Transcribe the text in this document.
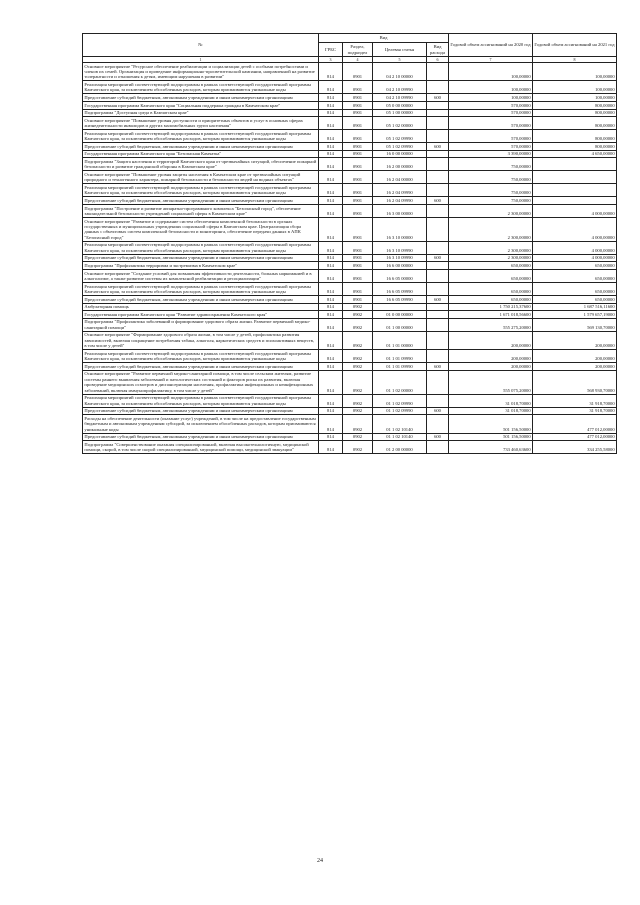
№	Вид				Годовой объем ассигнований на 2020 год	Годовой объем ассигнований на 2021 год
	ГРБС	Раздел, подраздел	Целевая статья	Вид расхода		
1	3	4	5	6	7	8
Основное мероприятие "Ресурсное обеспечение реабилитации и социализации детей с особыми потребностями и членов их семей. Организация и проведение информационно-просветительской кампании, направленной на развитие толерантности и отношения к детям, имеющим нарушения в развитии"	814	0901	04 2 10 00000		100,00000	100,00000
Реализация мероприятий соответствующей подпрограммы в рамках соответствующей государственной программы Камчатского края, за исключением обособленных расходов, которым присваиваются уникальные коды	814	0901	04 2 10 09990		100,00000	100,00000
Предоставление субсидий бюджетным, автономным учреждениям и иным некоммерческим организациям	814	0901	04 2 10 09990	600	100,00000	100,00000
Государственная программа Камчатского края "Социальная поддержка граждан в Камчатском крае"	814	0901	05 0 00 00000		570,00000	800,00000
Подпрограмма "Доступная среда в Камчатском крае"	814	0901	05 1 00 00000		570,00000	800,00000
Основное мероприятие "Повышение уровня доступности и приоритетных объектов и услуг в основных сферах жизнедеятельности инвалидов и других маломобильных групп населения"	814	0901	05 1 02 00000		570,00000	800,00000
Реализация мероприятий соответствующей подпрограммы в рамках соответствующей государственной программы Камчатского края, за исключением обособленных расходов, которым присваиваются уникальные коды	814	0901	05 1 02 09990		570,00000	800,00000
Предоставление субсидий бюджетным, автономным учреждениям и иным некоммерческим организациям	814	0901	05 1 02 09990	600	570,00000	800,00000
Государственная программа Камчатского края "Безопасная Камчатка"	814	0901	16 0 00 00000		3 390,00000	4 650,00000
Подпрограмма "Защита населения и территорий Камчатского края от чрезвычайных ситуаций, обеспечение пожарной безопасности и развитие гражданской обороны в Камчатском крае"	814	0901	16 2 00 00000		750,00000	
Основное мероприятие "Повышение уровня защиты населения в Камчатском крае от чрезвычайных ситуаций природного и техногенного характера, пожарной безопасности и безопасности людей на водных объектах"	814	0901	16 2 04 00000		750,00000	
Реализация мероприятий соответствующей подпрограммы в рамках соответствующей государственной программы Камчатского края, за исключением обособленных расходов, которым присваиваются уникальные коды	814	0901	16 2 04 09990		750,00000	
Предоставление субсидий бюджетным, автономным учреждениям и иным некоммерческим организациям	814	0901	16 2 04 09990	600	750,00000	
Подпрограмма "Построение и развитие аппаратно-программного комплекса "Безопасный город", обеспечение законодательной безопасности учреждений социальной сферы в Камчатском крае"	814	0901	16 3 00 00000		2 300,00000	4 000,00000
Основное мероприятие "Развитие и содержание систем обеспечения комплексной безопасности в органах государственных и муниципальных учреждениях социальной сферы в Камчатском крае. Централизация сбора данных с объектовых систем комплексной безопасности и мониторинга, обеспечение передачи данных в АПК "Безопасный город"	814	0901	16 3 10 00000		2 300,00000	4 000,00000
Реализация мероприятий соответствующей подпрограммы в рамках соответствующей государственной программы Камчатского края, за исключением обособленных расходов, которым присваиваются уникальные коды	814	0901	16 3 10 09990		2 300,00000	4 000,00000
Предоставление субсидий бюджетным, автономным учреждениям и иным некоммерческим организациям	814	0901	16 3 10 09990	600	2 300,00000	4 000,00000
Подпрограмма "Профилактика терроризма и экстремизма в Камчатском крае"	814	0901	16 6 00 00000		650,00000	650,00000
Основное мероприятие "Создание условий для повышения эффективности деятельности, больных наркоманией и в алкоголизме, а также развитие системы их комплексной реабилитации и ресоциализации"	814	0901	16 6 05 00000		650,00000	650,00000
Реализация мероприятий соответствующей подпрограммы в рамках соответствующей государственной программы Камчатского края, за исключением обособленных расходов, которым присваиваются уникальные коды	814	0901	16 6 05 09990		650,00000	650,00000
Предоставление субсидий бюджетным, автономным учреждениям и иным некоммерческим организациям	814	0901	16 6 05 09990	600	650,00000	650,00000
Амбулаторная помощь	814	0902			1 750 215,37600	1 687 516,11600
Государственная программа Камчатского края "Развитие здравоохранения Камчатского края"	814	0902	01 0 00 00000		1 671 018,56600	1 579 657,19000
Подпрограмма "Профилактика заболеваний и формирование здорового образа жизни. Развитие первичной медико-санитарной помощи"	814	0902	01 1 00 00000		555 275,20000	569 130,70000
Основное мероприятие "Формирование здорового образа жизни, в том числе у детей, профилактика развития зависимостей, включая сокращение потребления табака, алкоголя, наркотических средств и психоактивных веществ, в том числе у детей"	814	0902	01 1 01 00000		200,00000	200,00000
Реализация мероприятий соответствующей подпрограммы в рамках соответствующей государственной программы Камчатского края, за исключением обособленных расходов, которым присваиваются уникальные коды	814	0902	01 1 01 09990		200,00000	200,00000
Предоставление субсидий бюджетным, автономным учреждениям и иным некоммерческим организациям	814	0902	01 1 01 09990	600	200,00000	200,00000
Основное мероприятие "Развитие первичной медико-санитарной помощи, в том числе сельским жителям, развитие системы раннего выявления заболеваний и патологических состояний и факторов риска их развития, включая проведение медицинских осмотров и диспансеризации населения, профилактика инфекционных и неинфекционных заболеваний, включая иммунопрофилактику, в том числе у детей"	814	0902	01 1 02 00000		555 075,20000	568 930,70000
Реализация мероприятий соответствующей подпрограммы в рамках соответствующей государственной программы Камчатского края, за исключением обособленных расходов, которым присваиваются уникальные коды	814	0902	01 1 02 09990		31 018,70000	31 918,70000
Предоставление субсидий бюджетным, автономным учреждениям и иным некоммерческим организациям	814	0902	01 1 02 09990	600	31 018,70000	31 918,70000
Расходы на обеспечение деятельности (оказание услуг) учреждений, в том числе на предоставление государственным бюджетным и автономным учреждениям субсидий, за исключением обособленных расходов, которым присваиваются уникальные коды	814	0902	01 1 02 10140		501 156,50000	477 012,00000
Предоставление субсидий бюджетным, автономным учреждениям и иным некоммерческим организациям	814	0902	01 1 02 10140	600	501 156,50000	477 012,00000
Подпрограмма "Совершенствование оказания специализированной, включая высокотехнологичную, медицинской помощи, скорой, в том числе скорой специализированной, медицинской помощи, медицинской эвакуации"	814	0902	01 2 00 00000		733 460,63600	334 255,58000
24
